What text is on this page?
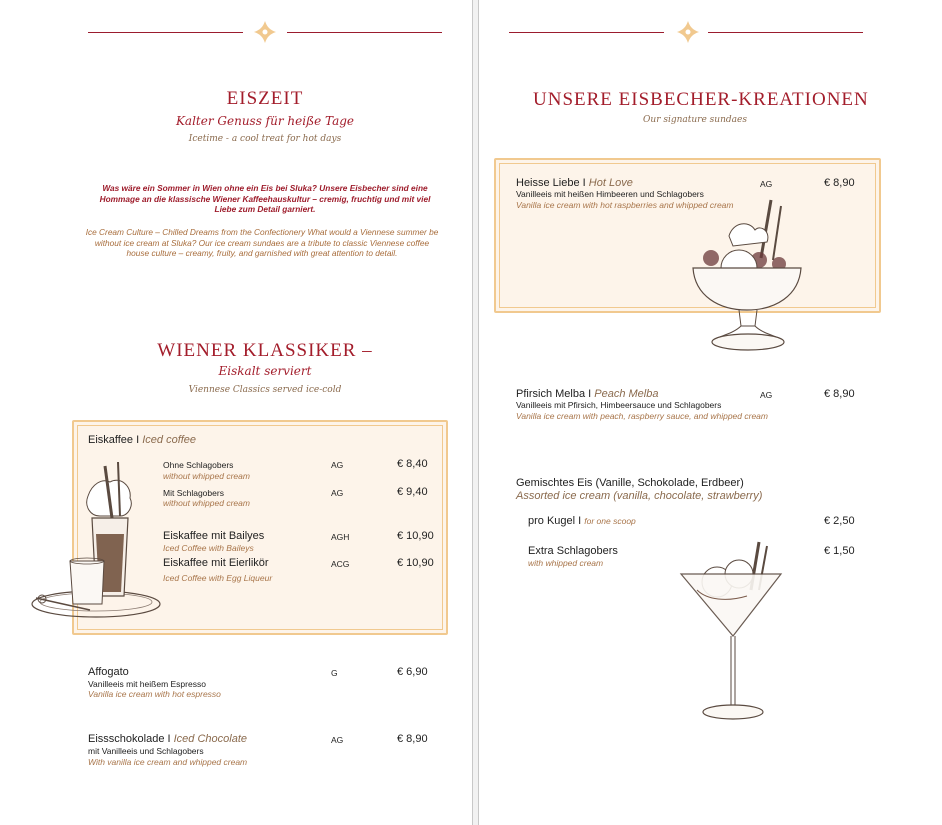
EISZEIT
Kalter Genuss für heiße Tage
Icetime - a cool treat for hot days
Was wäre ein Sommer in Wien ohne ein Eis bei Sluka? Unsere Eisbecher sind eine Hommage an die klassische Wiener Kaffeehauskultur – cremig, fruchtig und mit viel Liebe zum Detail garniert.
Ice Cream Culture – Chilled Dreams from the Confectionery What would a Viennese summer be without ice cream at Sluka? Our ice cream sundaes are a tribute to classic Viennese coffee house culture – creamy, fruity, and garnished with great attention to detail.
WIENER KLASSIKER –
Eiskalt serviert
Viennese Classics served ice-cold
Eiskaffee I Iced coffee
Ohne Schlagobers
without whipped cream
AG	€ 8,40
Mit Schlagobers
without whipped cream
AG	€ 9,40
Eiskaffee mit Bailyes
Iced Coffee with Baileys
AGH	€ 10,90
Eiskaffee mit Eierlikör
Iced Coffee with Egg Liqueur
ACG	€ 10,90
Affogato
Vanilleeis mit heißem Espresso
Vanilla ice cream with hot espresso
G	€ 6,90
Eissschokolade I Iced Chocolate
mit Vanilleeis und Schlagobers
With vanilla ice cream and whipped cream
AG	€ 8,90
UNSERE EISBECHER-KREATIONEN
Our signature sundaes
Heisse Liebe I Hot Love
Vanilleeis mit heißen Himbeeren und Schlagobers
Vanilla ice cream with hot raspberries and whipped cream
AG	€ 8,90
Pfirsich Melba I Peach Melba
Vanilleeis mit Pfirsich, Himbeersauce und Schlagobers
Vanilla ice cream with peach, raspberry sauce, and whipped cream
AG	€ 8,90
Gemischtes Eis (Vanille, Schokolade, Erdbeer)
Assorted ice cream (vanilla, chocolate, strawberry)
pro Kugel I for one scoop	€ 2,50
Extra Schlagobers
with whipped cream
€ 1,50
